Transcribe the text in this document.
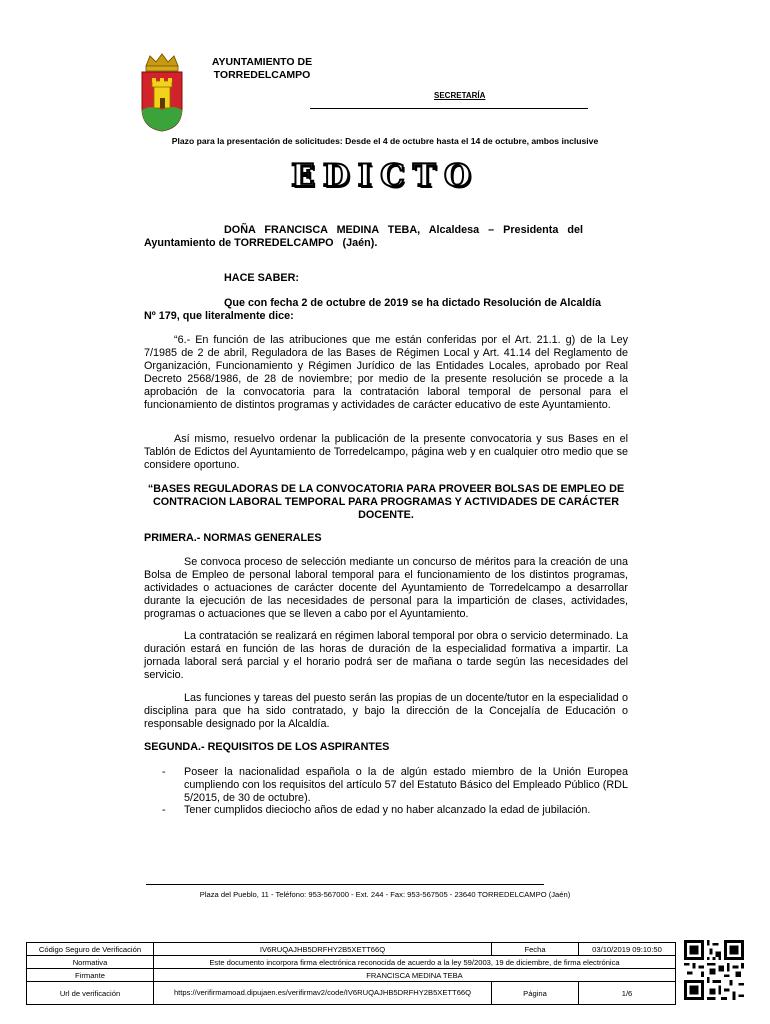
AYUNTAMIENTO DE
TORREDELCAMPO
SECRETARÍA
Plazo para la presentación de solicitudes: Desde el 4 de octubre hasta el 14 de octubre, ambos inclusive
EDICTO
DOÑA   FRANCISCA   MEDINA   TEBA,   Alcaldesa   –   Presidenta   del
Ayuntamiento de TORREDELCAMPO   (Jaén).
HACE SABER:
Que con fecha 2 de octubre de 2019 se ha dictado Resolución de Alcaldía
Nº 179, que literalmente dice:
“6.- En función de las atribuciones que me están conferidas por el Art. 21.1. g) de la Ley 7/1985 de 2 de abril, Reguladora de las Bases de Régimen Local y Art. 41.14 del Reglamento de Organización, Funcionamiento y Régimen Jurídico de las Entidades Locales, aprobado por Real Decreto 2568/1986, de 28 de noviembre; por medio de la presente resolución se procede a la aprobación de la convocatoria para la contratación laboral temporal de personal para el funcionamiento de distintos programas y actividades de carácter educativo de este Ayuntamiento.
Así mismo, resuelvo ordenar la publicación de la presente convocatoria y sus Bases en el Tablón de Edictos del Ayuntamiento de Torredelcampo, página web y en cualquier otro medio que se considere oportuno.
“BASES REGULADORAS DE LA CONVOCATORIA PARA PROVEER BOLSAS DE EMPLEO DE CONTRACION LABORAL TEMPORAL PARA PROGRAMAS Y ACTIVIDADES DE CARÁCTER DOCENTE.
PRIMERA.- NORMAS GENERALES
Se convoca proceso de selección mediante un concurso de méritos para la creación de una Bolsa de Empleo de personal laboral temporal para el funcionamiento de los distintos programas, actividades o actuaciones de carácter docente del Ayuntamiento de Torredelcampo a desarrollar durante la ejecución de las necesidades de personal para la impartición de clases, actividades, programas o actuaciones que se lleven a cabo por el Ayuntamiento.
La contratación se realizará en régimen laboral temporal por obra o servicio determinado. La duración estará en función de las horas de duración de la especialidad formativa a impartir. La jornada laboral será parcial y el horario podrá ser de mañana o tarde según las necesidades del servicio.
Las funciones y tareas del puesto serán las propias de un docente/tutor en la especialidad o disciplina para que ha sido contratado, y bajo la dirección de la Concejalía de Educación o responsable designado por la Alcaldía.
SEGUNDA.- REQUISITOS DE LOS ASPIRANTES
- Poseer la nacionalidad española o la de algún estado miembro de la Unión Europea cumpliendo con los requisitos del artículo 57 del Estatuto Básico del Empleado Público (RDL 5/2015, de 30 de octubre).
- Tener cumplidos dieciocho años de edad y no haber alcanzado la edad de jubilación.
Plaza del Pueblo, 11 - Teléfono: 953-567000 - Ext. 244 - Fax: 953-567505 - 23640 TORREDELCAMPO (Jaén)
Código Seguro de Verificación	IV6RUQAJHB5DRFHY2B5XETT66Q	Fecha	03/10/2019 09:10:50
Normativa	Este documento incorpora firma electrónica reconocida de acuerdo a la ley 59/2003, 19 de diciembre, de firma electrónica		
Firmante	FRANCISCA MEDINA TEBA		
Url de verificación	https://verifirmamoad.dipujaen.es/verifirmav2/code/IV6RUQAJHB5DRFHY2B5XETT66Q	Página	1/6
